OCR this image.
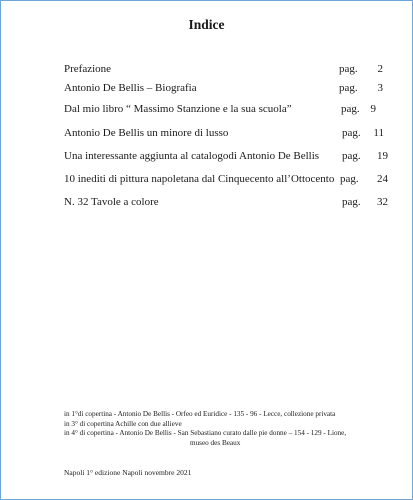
Indice
Prefazione	pag. 2
Antonio De Bellis – Biografia	pag. 3
Dal mio libro “ Massimo Stanzione e la sua scuola”	pag. 9
Antonio De Bellis un minore di lusso	pag. 11
Una interessante aggiunta al catalogodi Antonio De Bellis pag. 19
10 inediti di pittura napoletana dal Cinquecento all’Ottocento pag. 24
N. 32 Tavole a colore	pag. 32
in 1°di copertina - Antonio De Bellis - Orfeo ed Euridice - 135 - 96 - Lecce, collezione privata
in 3° di copertina Achille con due allieve
in 4° di copertina - Antonio De Bellis - San Sebastiano curato dalle pie donne – 154 - 129 - Lione,
museo des Beaux
Napoli 1° edizione Napoli novembre 2021
